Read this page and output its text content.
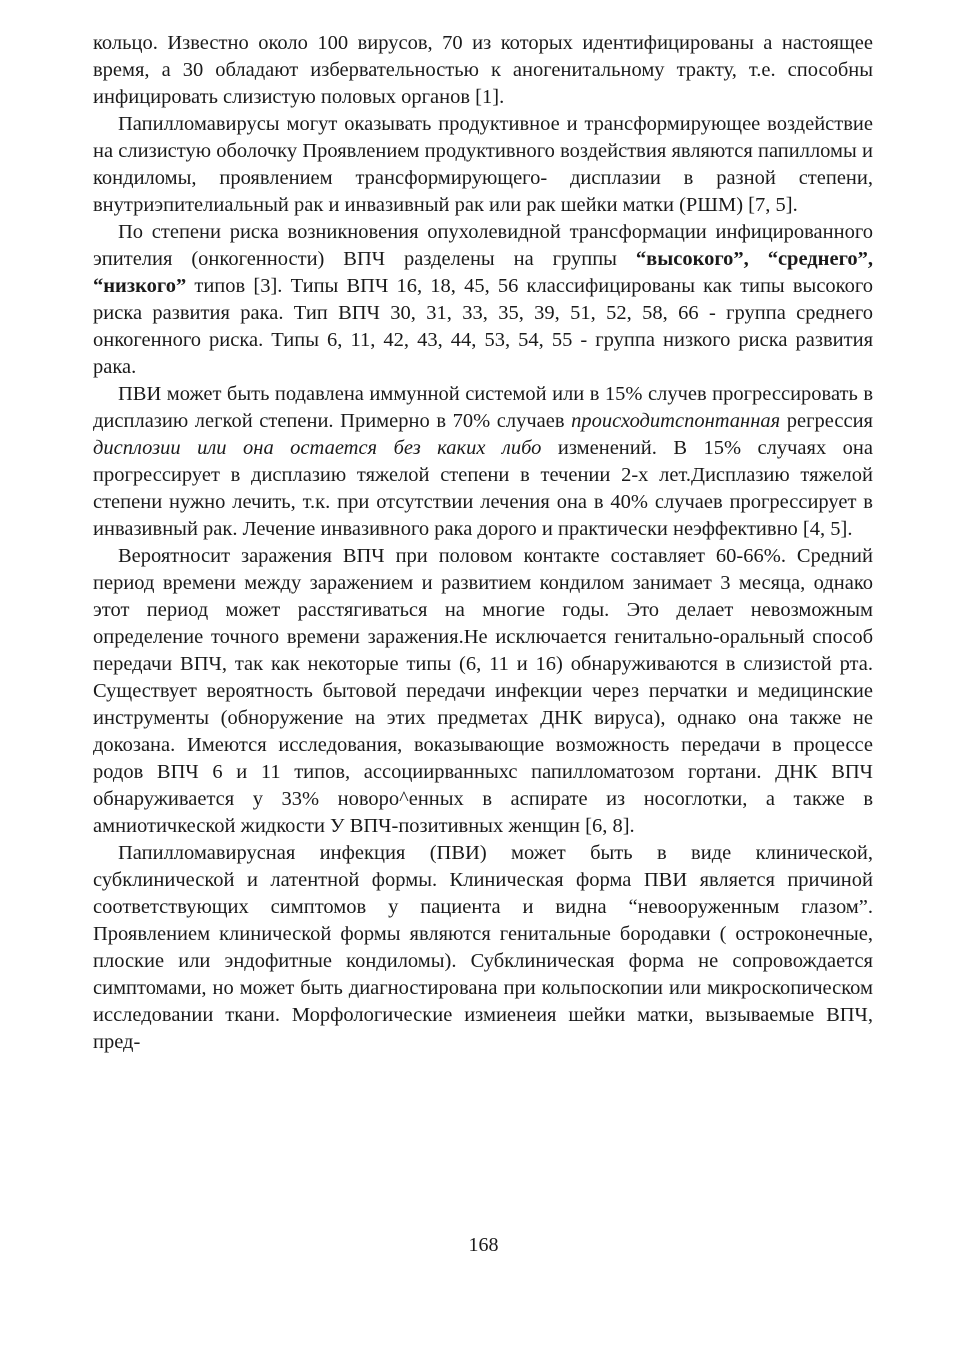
кольцо. Известно около 100 вирусов, 70 из которых идентифицированы а настоящее время, а 30 обладают избервательностью к аногенитальному тракту, т.е. способны инфицировать слизистую половых органов [1].

Папилломавирусы могут оказывать продуктивное и трансформирующее воздействие на слизистую оболочку Проявлением продуктивного воздействия являются папилломы и кондиломы, проявлением трансформирующего- дисплазии в разной степени, внутриэпителиальный рак и инвазивный рак или рак шейки матки (РШМ) [7, 5].

По степени риска возникновения опухолевидной трансформации инфицированного эпителия (онкогенности) ВПЧ разделены на группы “высокого”, “среднего”, “низкого” типов [3]. Типы ВПЧ 16, 18, 45, 56 классифицированы как типы высокого риска развития рака. Тип ВПЧ 30, 31, 33, 35, 39, 51, 52, 58, 66 - группа среднего онкогенного риска. Типы 6, 11, 42, 43, 44, 53, 54, 55 - группа низкого риска развития рака.

ПВИ может быть подавлена иммунной системой или в 15% случев прогрессировать в дисплазию легкой степени. Примерно в 70% случаев происходитспонтанная регрессия дисплозии или она остается без каких либо изменений. В 15% случаях она прогрессирует в дисплазию тяжелой степени в течении 2-х лет.Дисплазию тяжелой степени нужно лечить, т.к. при отсутствии лечения она в 40% случаев прогрессирует в инвазивный рак. Лечение инвазивного рака дорого и практически неэффективно [4, 5].

Вероятносит заражения ВПЧ при половом контакте составляет 60-66%. Средний период времени между заражением и развитием кондилом занимает 3 месяца, однако этот период может расстягиваться на многие годы. Это делает невозможным определение точного времени заражения.Не исключается генитально-оральный способ передачи ВПЧ, так как некоторые типы (6, 11 и 16) обнаруживаются в слизистой рта. Существует вероятность бытовой передачи инфекции через перчатки и медицинские инструменты (обноружение на этих предметах ДНК вируса), однако она также не докозана. Имеются исследования, воказывающие возможность передачи в процессе родов ВПЧ 6 и 11 типов, ассоциирванныхс папилломатозом гортани. ДНК ВПЧ обнаруживается у 33% новоро^енных в аспирате из носоглотки, а также в амниотичкеской жидкости У ВПЧ-позитивных женщин [6, 8].

Папилломавирусная инфекция (ПВИ) может быть в виде клинической, субклинической и латентной формы. Клиническая форма ПВИ является причиной соответствующих симптомов у пациента и видна “невооруженным глазом”. Проявлением клинической формы являются генитальные бородавки ( остроконечные, плоские или эндофитные кондиломы). Субклиническая форма не сопровождается симптомами, но может быть диагностирована при кольпоскопии или микроскопическом исследовании ткани. Морфологические измиенеия шейки матки, вызываемые ВПЧ, пред-

168
